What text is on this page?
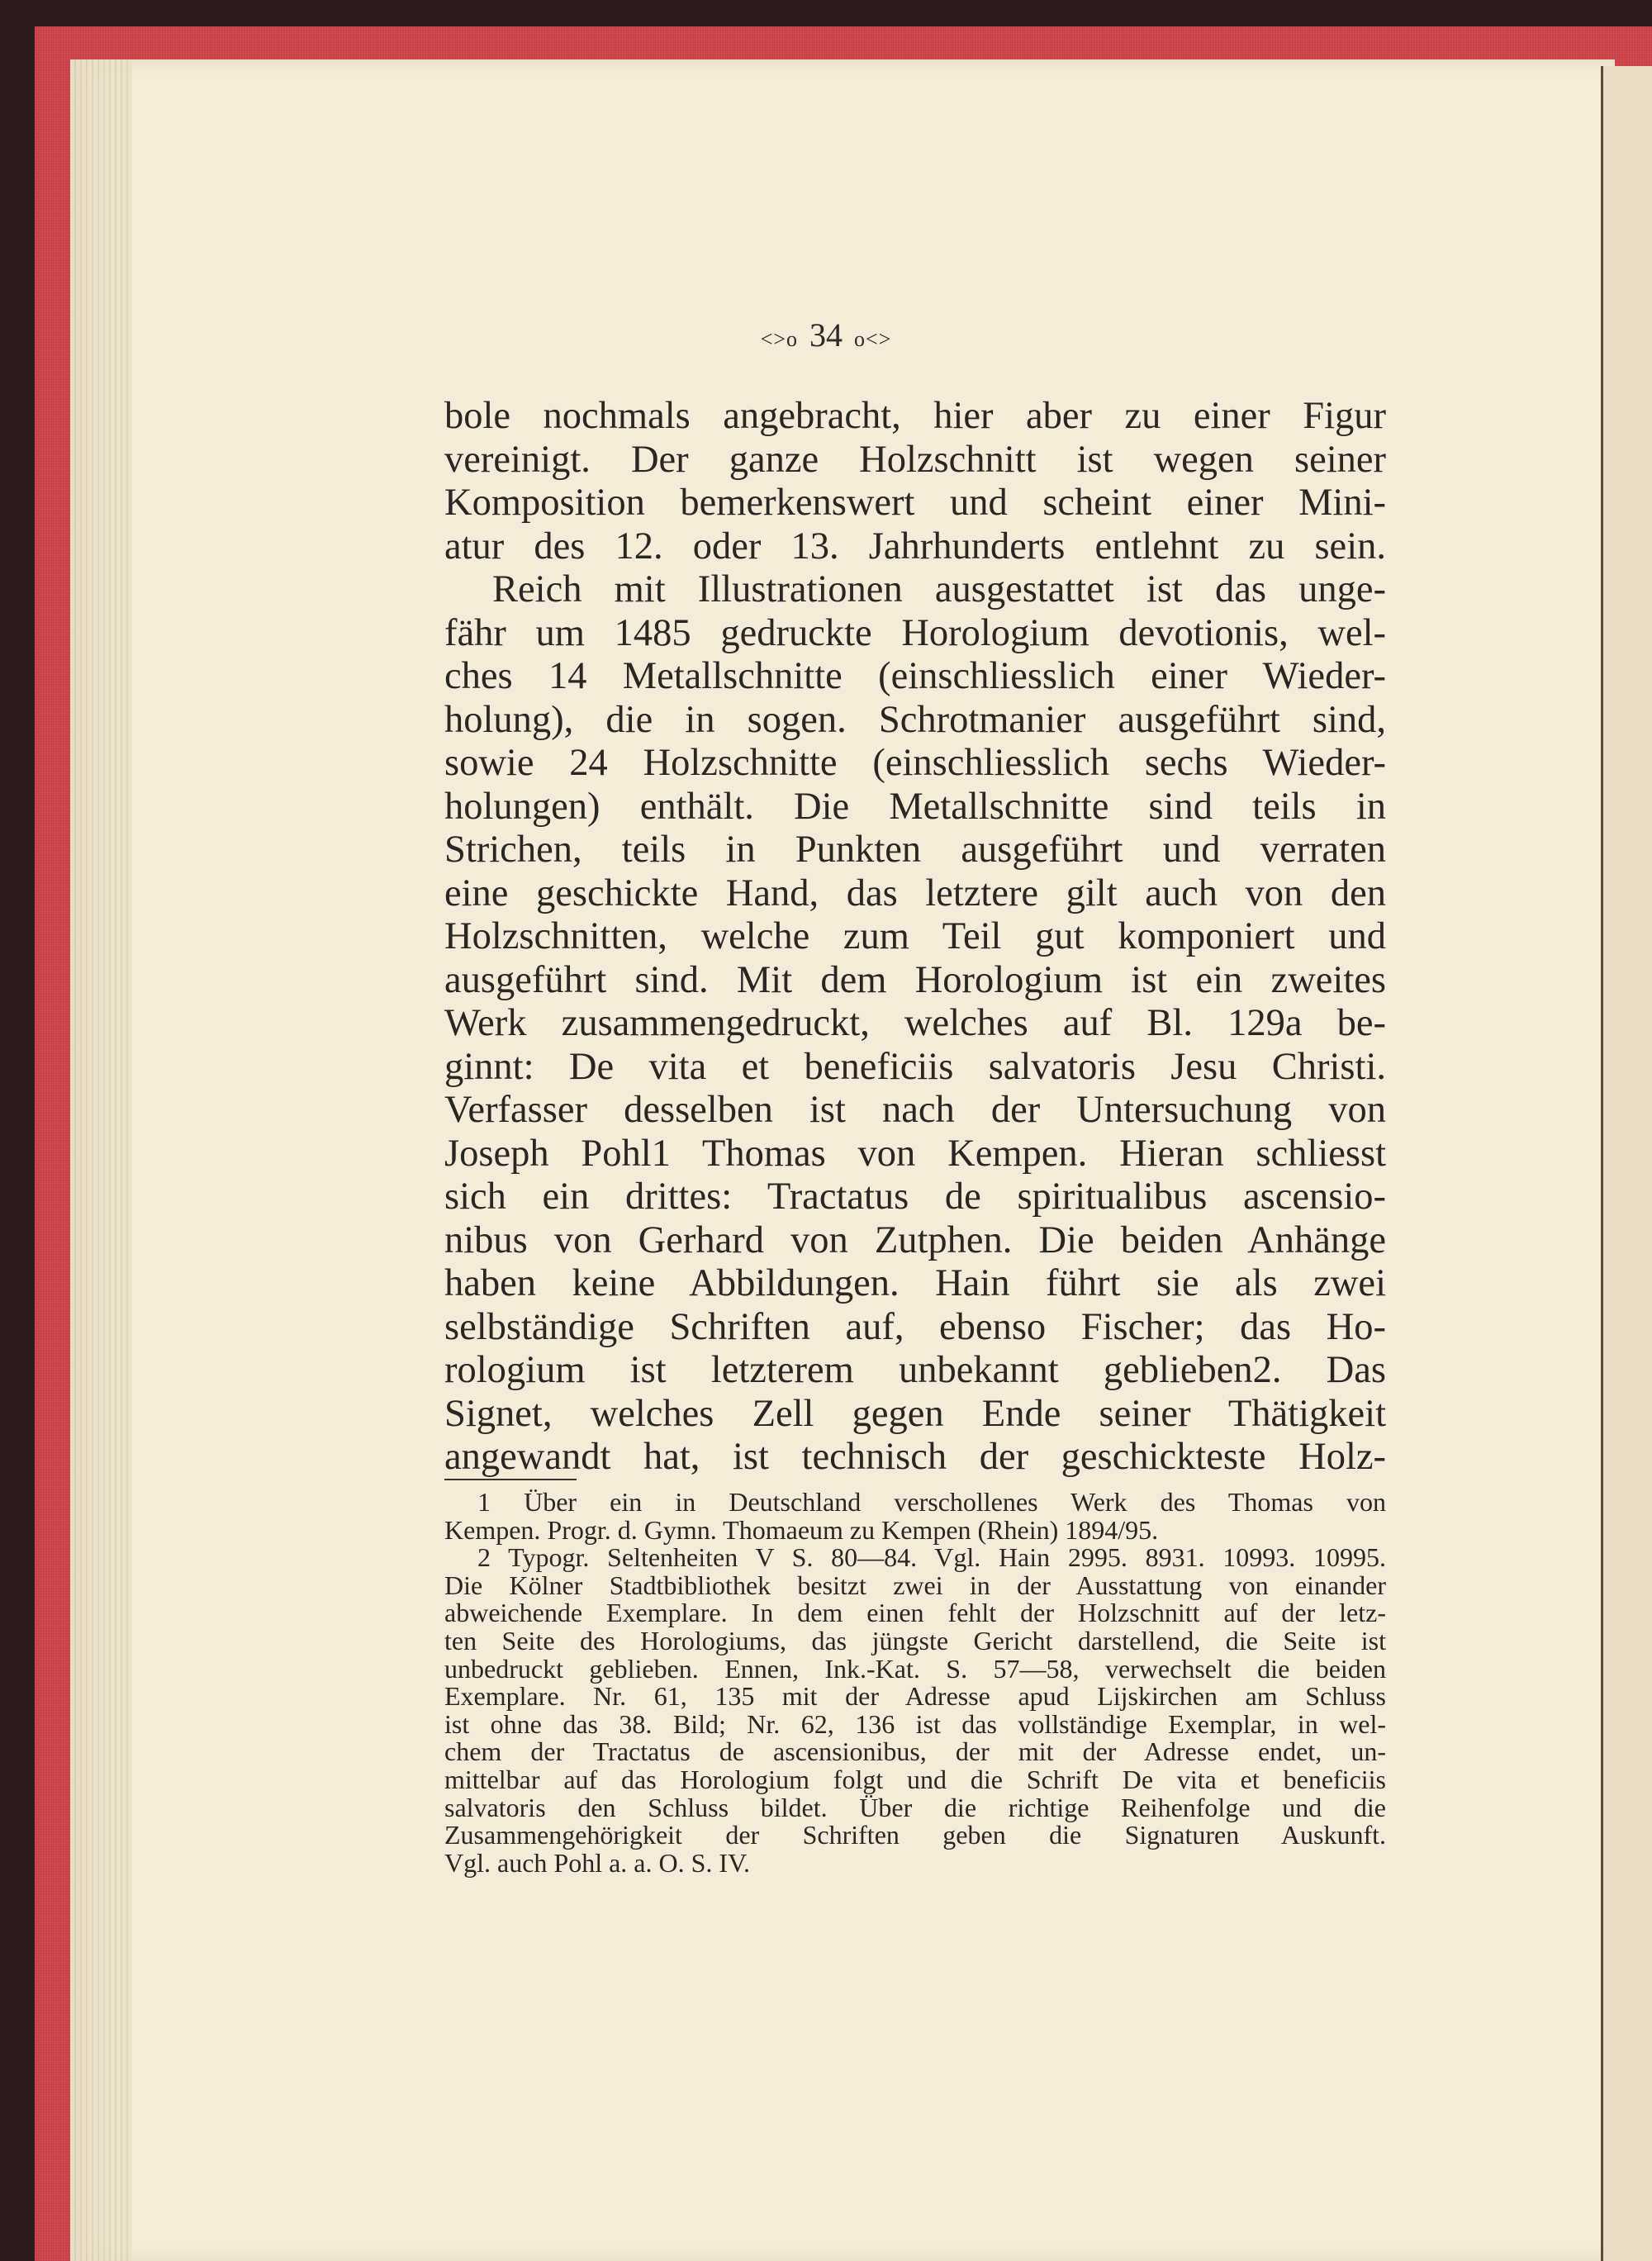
<>o 34 o<>
bole nochmals angebracht, hier aber zu einer Figur
vereinigt. Der ganze Holzschnitt ist wegen seiner
Komposition bemerkenswert und scheint einer Mini-
atur des 12. oder 13. Jahrhunderts entlehnt zu sein.
Reich mit Illustrationen ausgestattet ist das unge-
fähr um 1485 gedruckte Horologium devotionis, wel-
ches 14 Metallschnitte (einschliesslich einer Wieder-
holung), die in sogen. Schrotmanier ausgeführt sind,
sowie 24 Holzschnitte (einschliesslich sechs Wieder-
holungen) enthält. Die Metallschnitte sind teils in
Strichen, teils in Punkten ausgeführt und verraten
eine geschickte Hand, das letztere gilt auch von den
Holzschnitten, welche zum Teil gut komponiert und
ausgeführt sind. Mit dem Horologium ist ein zweites
Werk zusammengedruckt, welches auf Bl. 129a be-
ginnt: De vita et beneficiis salvatoris Jesu Christi.
Verfasser desselben ist nach der Untersuchung von
Joseph Pohl1 Thomas von Kempen. Hieran schliesst
sich ein drittes: Tractatus de spiritualibus ascensio-
nibus von Gerhard von Zutphen. Die beiden Anhänge
haben keine Abbildungen. Hain führt sie als zwei
selbständige Schriften auf, ebenso Fischer; das Ho-
rologium ist letzterem unbekannt geblieben2. Das
Signet, welches Zell gegen Ende seiner Thätigkeit
angewandt hat, ist technisch der geschickteste Holz-
1 Über ein in Deutschland verschollenes Werk des Thomas von
Kempen. Progr. d. Gymn. Thomaeum zu Kempen (Rhein) 1894/95.
2 Typogr. Seltenheiten V S. 80—84. Vgl. Hain 2995. 8931. 10993. 10995.
Die Kölner Stadtbibliothek besitzt zwei in der Ausstattung von einander
abweichende Exemplare. In dem einen fehlt der Holzschnitt auf der letz-
ten Seite des Horologiums, das jüngste Gericht darstellend, die Seite ist
unbedruckt geblieben. Ennen, Ink.-Kat. S. 57—58, verwechselt die beiden
Exemplare. Nr. 61, 135 mit der Adresse apud Lijskirchen am Schluss
ist ohne das 38. Bild; Nr. 62, 136 ist das vollständige Exemplar, in wel-
chem der Tractatus de ascensionibus, der mit der Adresse endet, un-
mittelbar auf das Horologium folgt und die Schrift De vita et beneficiis
salvatoris den Schluss bildet. Über die richtige Reihenfolge und die
Zusammengehörigkeit der Schriften geben die Signaturen Auskunft.
Vgl. auch Pohl a. a. O. S. IV.
